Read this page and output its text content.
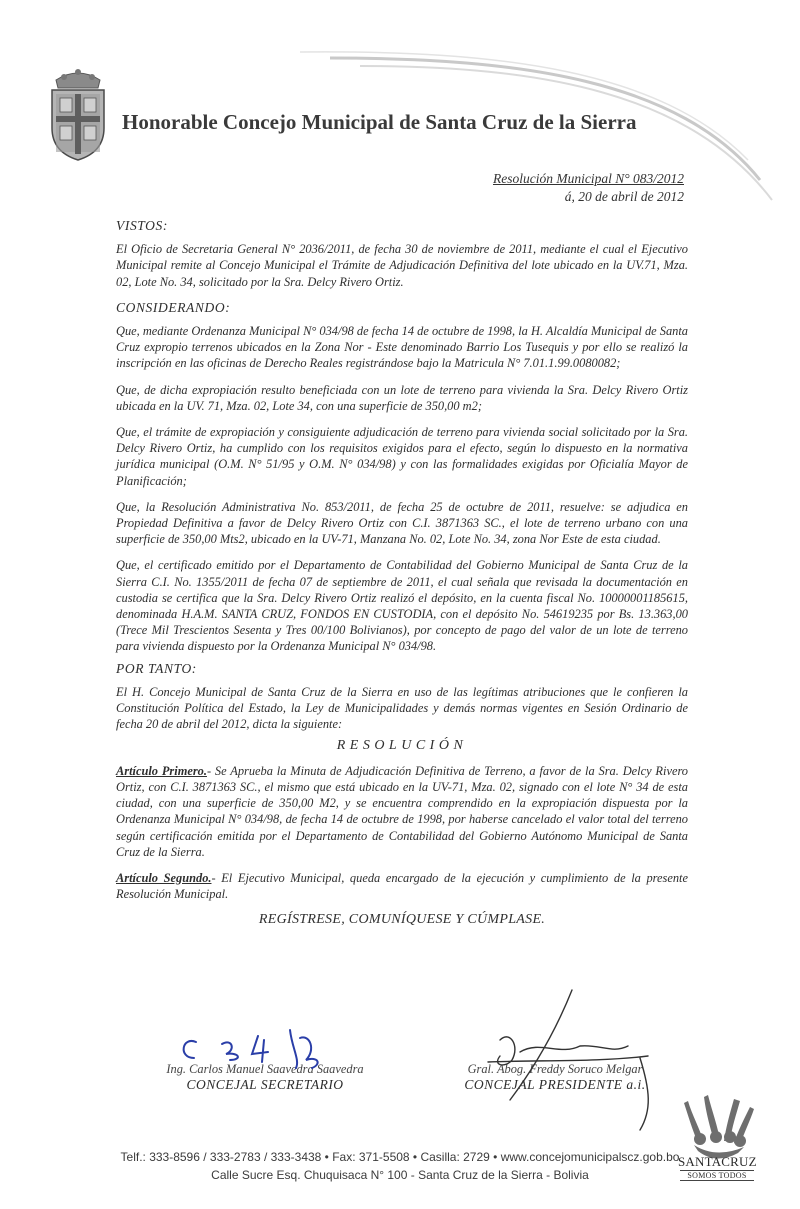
Honorable Concejo Municipal de Santa Cruz de la Sierra
Resolución Municipal N° 083/2012
á, 20 de abril de 2012
VISTOS:

El Oficio de Secretaria General N° 2036/2011, de fecha 30 de noviembre de 2011, mediante el cual el Ejecutivo Municipal remite al Concejo Municipal el Trámite de Adjudicación Definitiva del lote ubicado en la UV.71, Mza. 02, Lote No. 34, solicitado por la Sra. Delcy Rivero Ortiz.

CONSIDERANDO:

Que, mediante Ordenanza Municipal N° 034/98 de fecha 14 de octubre de 1998, la H. Alcaldía Municipal de Santa Cruz expropio terrenos ubicados en la Zona Nor - Este denominado Barrio Los Tusequis y por ello se realizó la inscripción en las oficinas de Derecho Reales registrándose bajo la Matricula N° 7.01.1.99.0080082;

Que, de dicha expropiación resulto beneficiada con un lote de terreno para vivienda la Sra. Delcy Rivero Ortiz ubicada en la UV. 71, Mza. 02, Lote 34, con una superficie de 350,00 m2;

Que, el trámite de expropiación y consiguiente adjudicación de terreno para vivienda social solicitado por la Sra. Delcy Rivero Ortiz, ha cumplido con los requisitos exigidos para el efecto, según lo dispuesto en la normativa jurídica municipal (O.M. N° 51/95 y O.M. N° 034/98) y con las formalidades exigidas por Oficialía Mayor de Planificación;

Que, la Resolución Administrativa No. 853/2011, de fecha 25 de octubre de 2011, resuelve: se adjudica en Propiedad Definitiva a favor de Delcy Rivero Ortiz con C.I. 3871363 SC., el lote de terreno urbano con una superficie de 350,00 Mts2, ubicado en la UV-71, Manzana No. 02, Lote No. 34, zona Nor Este de esta ciudad.

Que, el certificado emitido por el Departamento de Contabilidad del Gobierno Municipal de Santa Cruz de la Sierra C.I. No. 1355/2011 de fecha 07 de septiembre de 2011, el cual señala que revisada la documentación en custodia se certifica que la Sra. Delcy Rivero Ortiz realizó el depósito, en la cuenta fiscal No. 10000001185615, denominada H.A.M. SANTA CRUZ, FONDOS EN CUSTODIA, con el depósito No. 54619235 por Bs. 13.363,00 (Trece Mil Trescientos Sesenta y Tres 00/100 Bolivianos), por concepto de pago del valor de un lote de terreno para vivienda dispuesto por la Ordenanza Municipal N° 034/98.

POR TANTO:

El H. Concejo Municipal de Santa Cruz de la Sierra en uso de las legítimas atribuciones que le confieren la Constitución Política del Estado, la Ley de Municipalidades y demás normas vigentes en Sesión Ordinario de fecha 20 de abril del 2012, dicta la siguiente:

RESOLUCIÓN

Artículo Primero.- Se Aprueba la Minuta de Adjudicación Definitiva de Terreno, a favor de la Sra. Delcy Rivero Ortiz, con C.I. 3871363 SC., el mismo que está ubicado en la UV-71, Mza. 02, signado con el lote N° 34 de esta ciudad, con una superficie de 350,00 M2, y se encuentra comprendido en la expropiación dispuesta por la Ordenanza Municipal N° 034/98, de fecha 14 de octubre de 1998, por haberse cancelado el valor total del terreno según certificación emitida por el Departamento de Contabilidad del Gobierno Autónomo Municipal de Santa Cruz de la Sierra.

Artículo Segundo.- El Ejecutivo Municipal, queda encargado de la ejecución y cumplimiento de la presente Resolución Municipal.

REGÍSTRESE, COMUNÍQUESE Y CÚMPLASE.
Ing. Carlos Manuel Saavedra Saavedra
CONCEJAL SECRETARIO
Gral. Abog. Freddy Soruco Melgar
CONCEJAL PRESIDENTE a.i.
Telf.: 333-8596 / 333-2783 / 333-3438 • Fax: 371-5508 • Casilla: 2729 • www.concejomunicipalscz.gob.bo
Calle Sucre Esq. Chuquisaca N° 100 - Santa Cruz de la Sierra - Bolivia
SANTACRUZ
SOMOS TODOS
